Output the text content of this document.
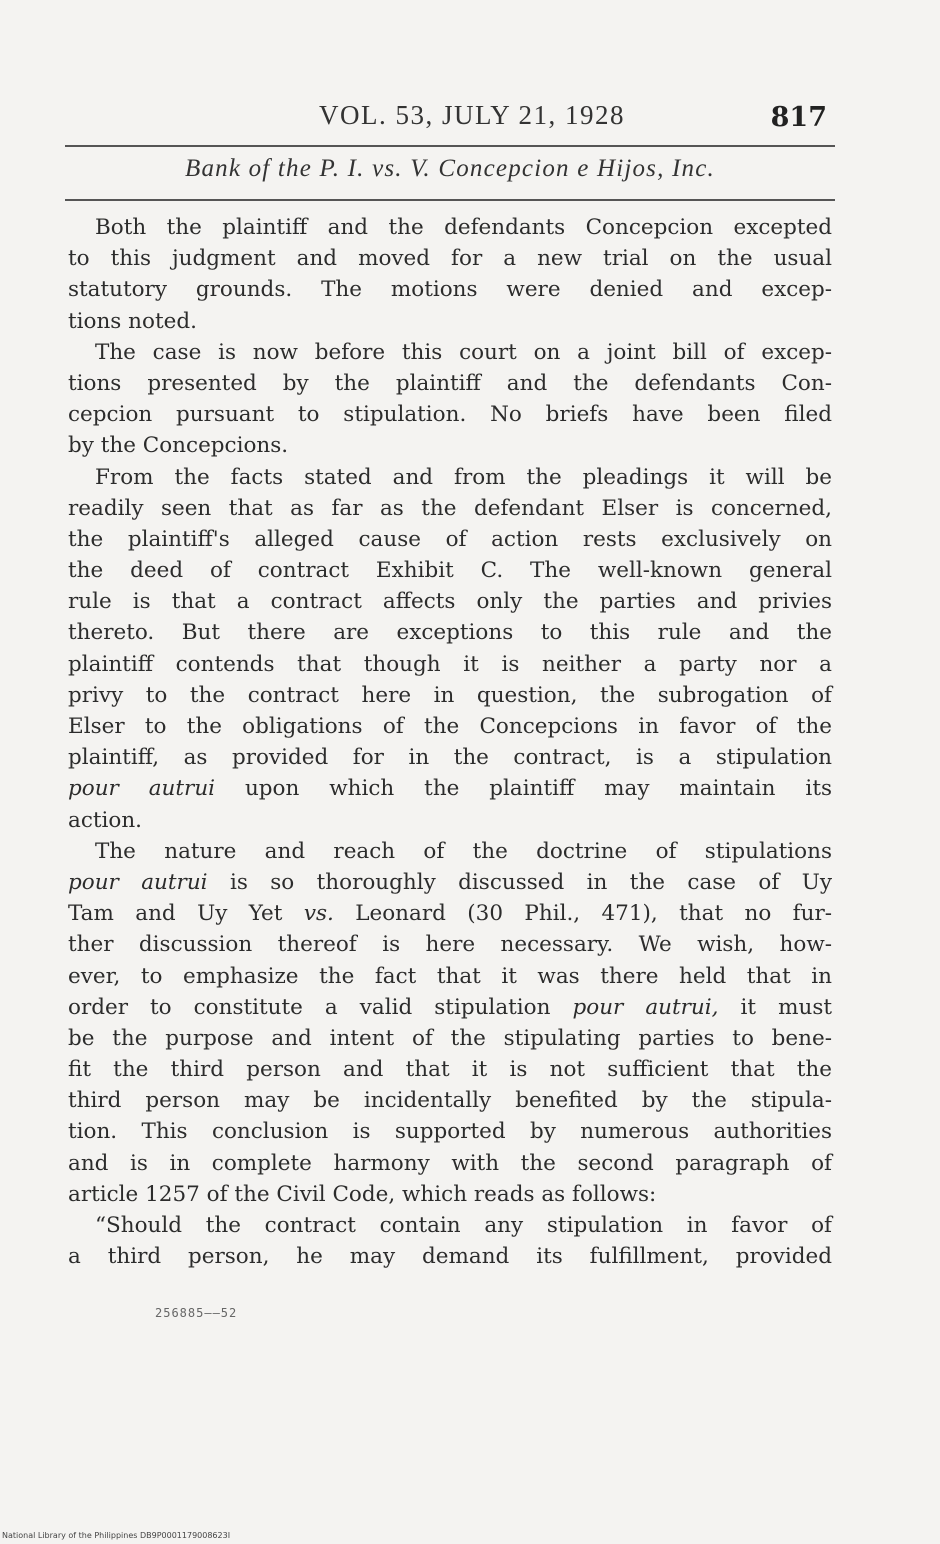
VOL. 53, JULY 21, 1928	817
Bank of the P. I. vs. V. Concepcion e Hijos, Inc.
Both the plaintiff and the defendants Concepcion excepted
to this judgment and moved for a new trial on the usual
statutory grounds. The motions were denied and excep-
tions noted.
The case is now before this court on a joint bill of excep-
tions presented by the plaintiff and the defendants Con-
cepcion pursuant to stipulation. No briefs have been filed
by the Concepcions.
From the facts stated and from the pleadings it will be
readily seen that as far as the defendant Elser is concerned,
the plaintiff's alleged cause of action rests exclusively on
the deed of contract Exhibit C. The well-known general
rule is that a contract affects only the parties and privies
thereto. But there are exceptions to this rule and the
plaintiff contends that though it is neither a party nor a
privy to the contract here in question, the subrogation of
Elser to the obligations of the Concepcions in favor of the
plaintiff, as provided for in the contract, is a stipulation
pour autrui upon which the plaintiff may maintain its
action.
The nature and reach of the doctrine of stipulations
pour autrui is so thoroughly discussed in the case of Uy
Tam and Uy Yet vs. Leonard (30 Phil., 471), that no fur-
ther discussion thereof is here necessary. We wish, how-
ever, to emphasize the fact that it was there held that in
order to constitute a valid stipulation pour autrui, it must
be the purpose and intent of the stipulating parties to bene-
fit the third person and that it is not sufficient that the
third person may be incidentally benefited by the stipula-
tion. This conclusion is supported by numerous authorities
and is in complete harmony with the second paragraph of
article 1257 of the Civil Code, which reads as follows:
“Should the contract contain any stipulation in favor of
a third person, he may demand its fulfillment, provided
256885——52
National Library of the Philippines DB9P0001179008623I
